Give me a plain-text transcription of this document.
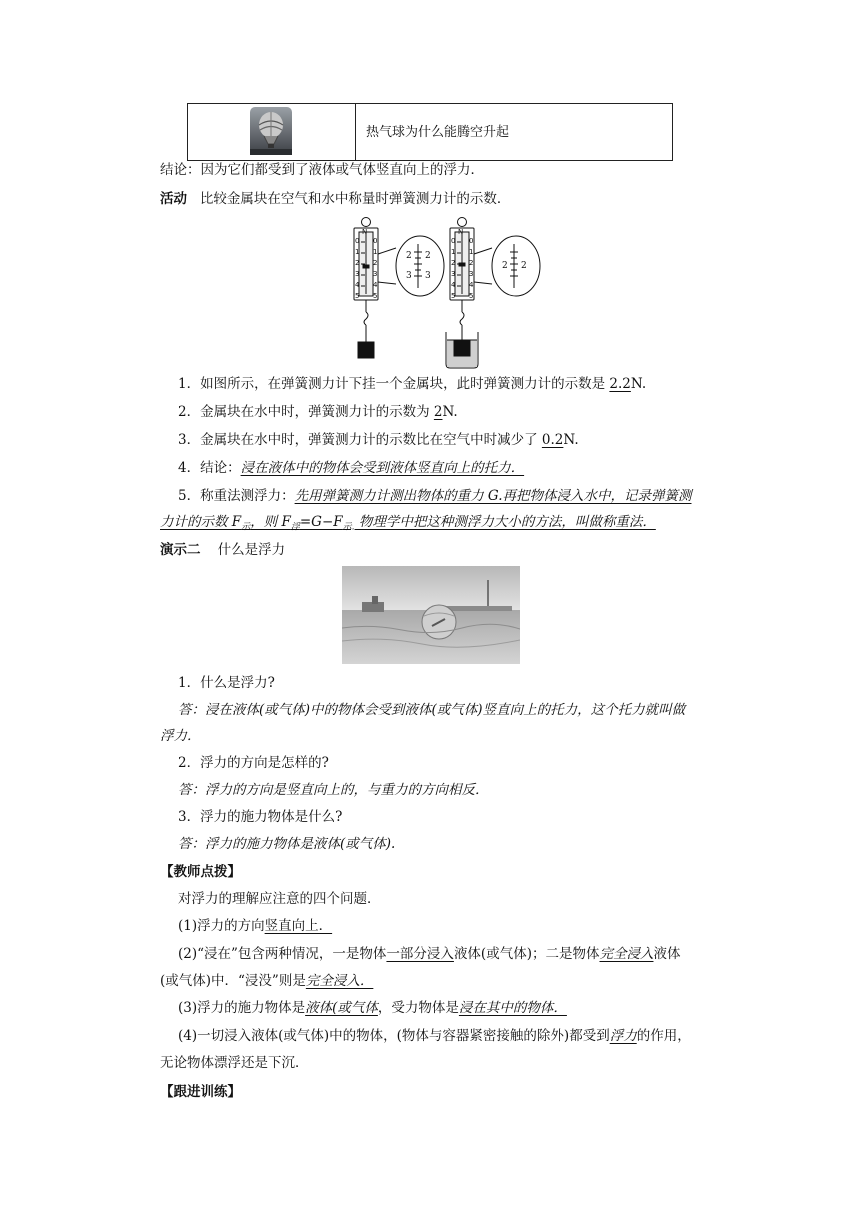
热气球为什么能腾空升起
结论：因为它们都受到了液体或气体竖直向上的浮力．
活动 比较金属块在空气和水中称量时弹簧测力计的示数．
N
0 0
1 1
2 2
3 3
4 4
5 5
2
2
3
3
N
0 0
1 1
2 2
3 3
4 4
5 5
2 2
1．如图所示，在弹簧测力计下挂一个金属块，此时弹簧测力计的示数是 2.2N.
2．金属块在水中时，弹簧测力计的示数为 2N.
3．金属块在水中时，弹簧测力计的示数比在空气中时减少了 0.2N.
4．结论：浸在液体中的物体会受到液体竖直向上的托力．
5．称重法测浮力：先用弹簧测力计测出物体的重力 G.再把物体浸入水中，记录弹簧测
力计的示数 $F_示$，则 $F_浮=G-F_{示.}$ 物理学中把这种测浮力大小的方法，叫做称重法．
演示二 什么是浮力
1．什么是浮力?
答：浸在液体(或气体)中的物体会受到液体(或气体)竖直向上的托力，这个托力就叫做
浮力．
2．浮力的方向是怎样的?
答：浮力的方向是竖直向上的，与重力的方向相反．
3．浮力的施力物体是什么?
答：浮力的施力物体是液体(或气体).
【教师点拨】
对浮力的理解应注意的四个问题．
(1)浮力的方向竖直向上．
(2)“浸在”包含两种情况，一是物体一部分浸入液体(或气体)；二是物体完全浸入液体
(或气体)中．“浸没”则是完全浸入．
(3)浮力的施力物体是液体(或气体，受力物体是浸在其中的物体．
(4)一切浸入液体(或气体)中的物体，(物体与容器紧密接触的除外)都受到浮力的作用，
无论物体漂浮还是下沉．
【跟进训练】
